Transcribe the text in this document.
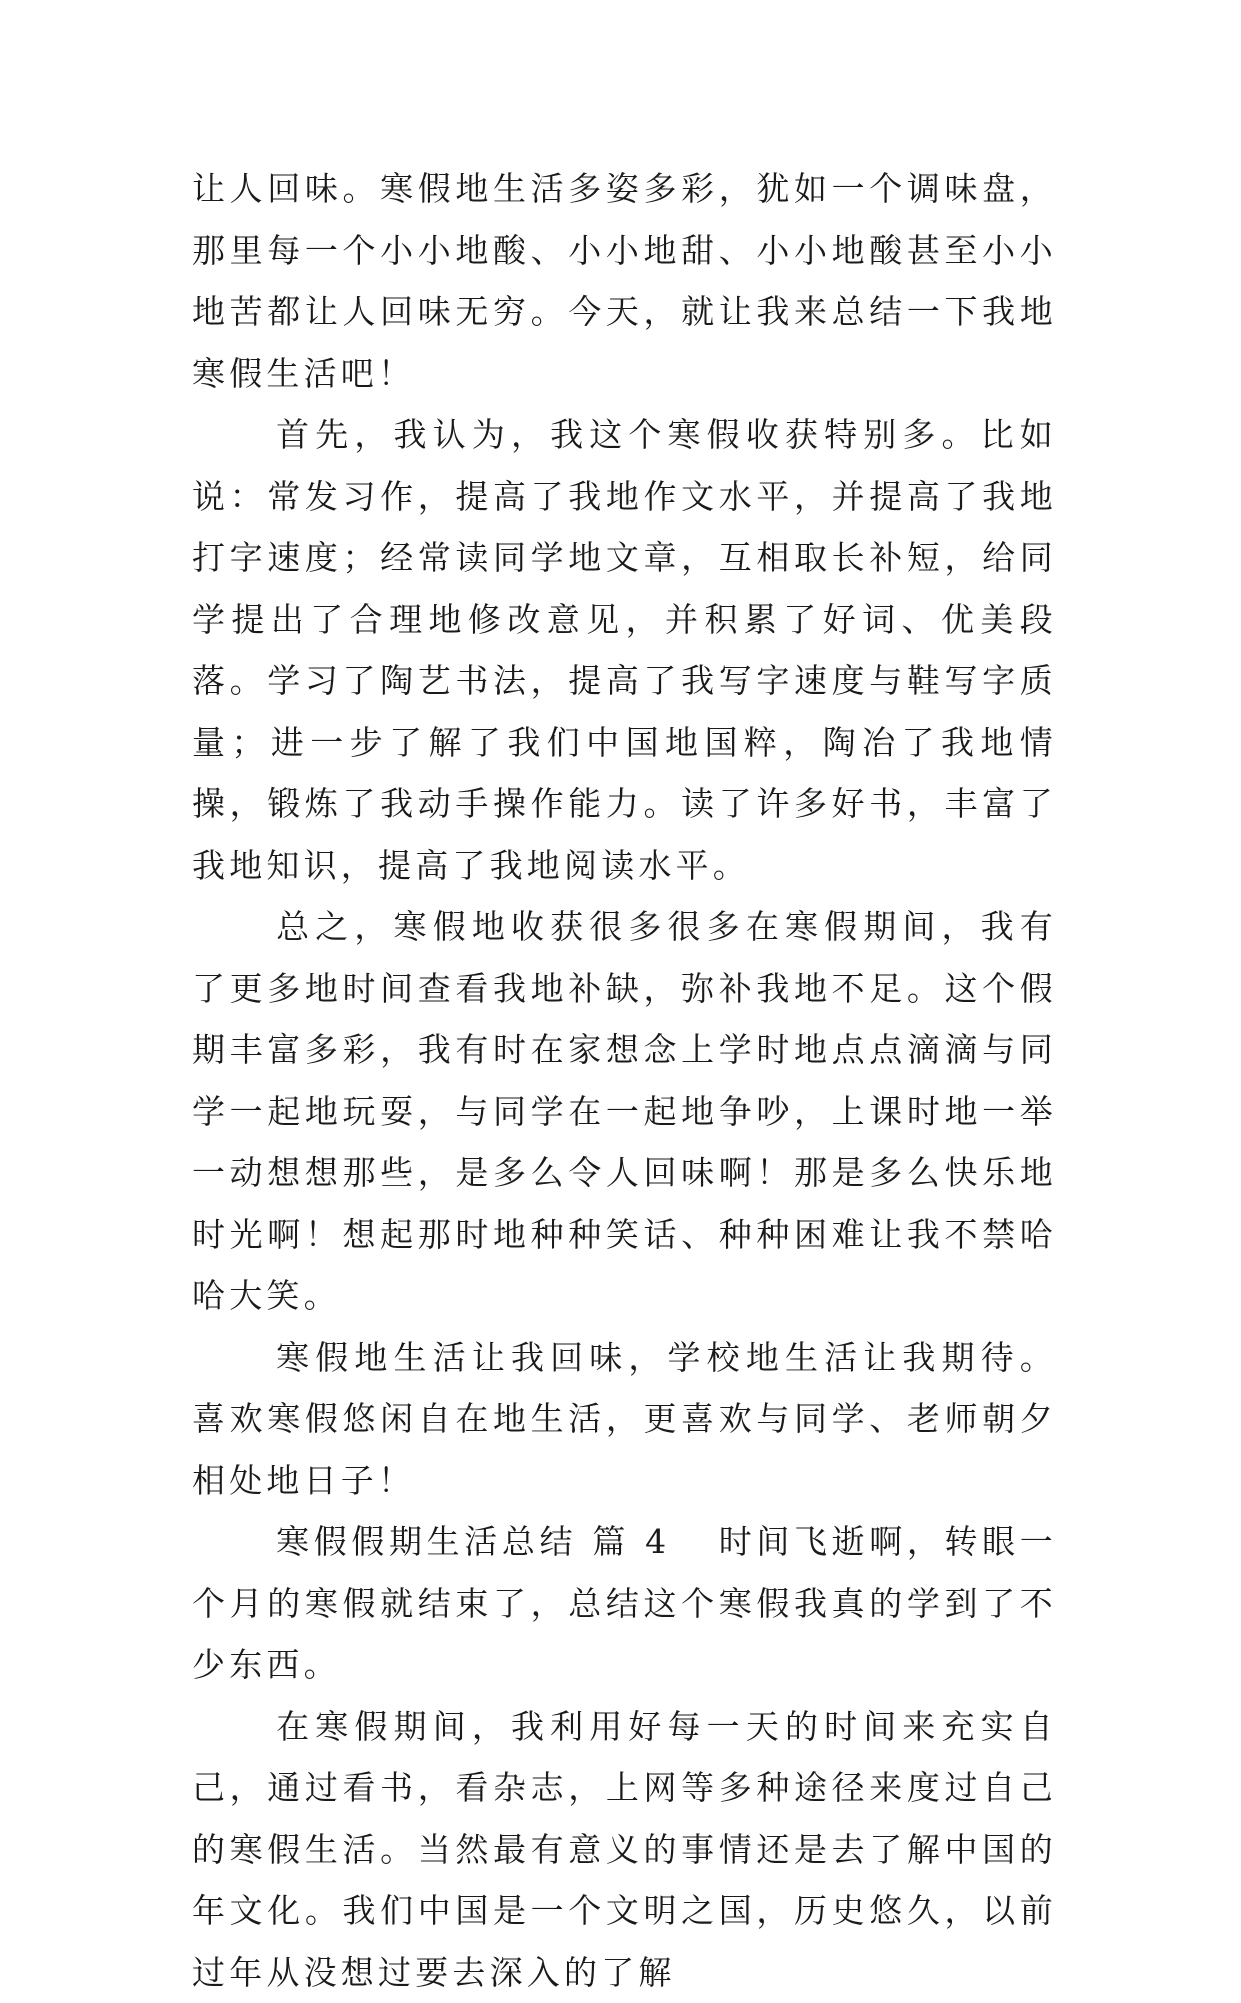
让人回味。寒假地生活多姿多彩，犹如一个调味盘，那里每一个小小地酸、小小地甜、小小地酸甚至小小地苦都让人回味无穷。今天，就让我来总结一下我地寒假生活吧！

首先，我认为，我这个寒假收获特别多。比如说：常发习作，提高了我地作文水平，并提高了我地打字速度；经常读同学地文章，互相取长补短，给同学提出了合理地修改意见，并积累了好词、优美段落。学习了陶艺书法，提高了我写字速度与鞋写字质量；进一步了解了我们中国地国粹，陶冶了我地情操，锻炼了我动手操作能力。读了许多好书，丰富了我地知识，提高了我地阅读水平。

总之，寒假地收获很多很多在寒假期间，我有了更多地时间查看我地补缺，弥补我地不足。这个假期丰富多彩，我有时在家想念上学时地点点滴滴与同学一起地玩耍，与同学在一起地争吵，上课时地一举一动想想那些，是多么令人回味啊！那是多么快乐地时光啊！想起那时地种种笑话、种种困难让我不禁哈哈大笑。

寒假地生活让我回味，学校地生活让我期待。喜欢寒假悠闲自在地生活，更喜欢与同学、老师朝夕相处地日子！

寒假假期生活总结 篇 4 时间飞逝啊，转眼一个月的寒假就结束了，总结这个寒假我真的学到了不少东西。

在寒假期间，我利用好每一天的时间来充实自己，通过看书，看杂志，上网等多种途径来度过自己的寒假生活。当然最有意义的事情还是去了解中国的年文化。我们中国是一个文明之国，历史悠久，以前过年从没想过要去深入的了解
